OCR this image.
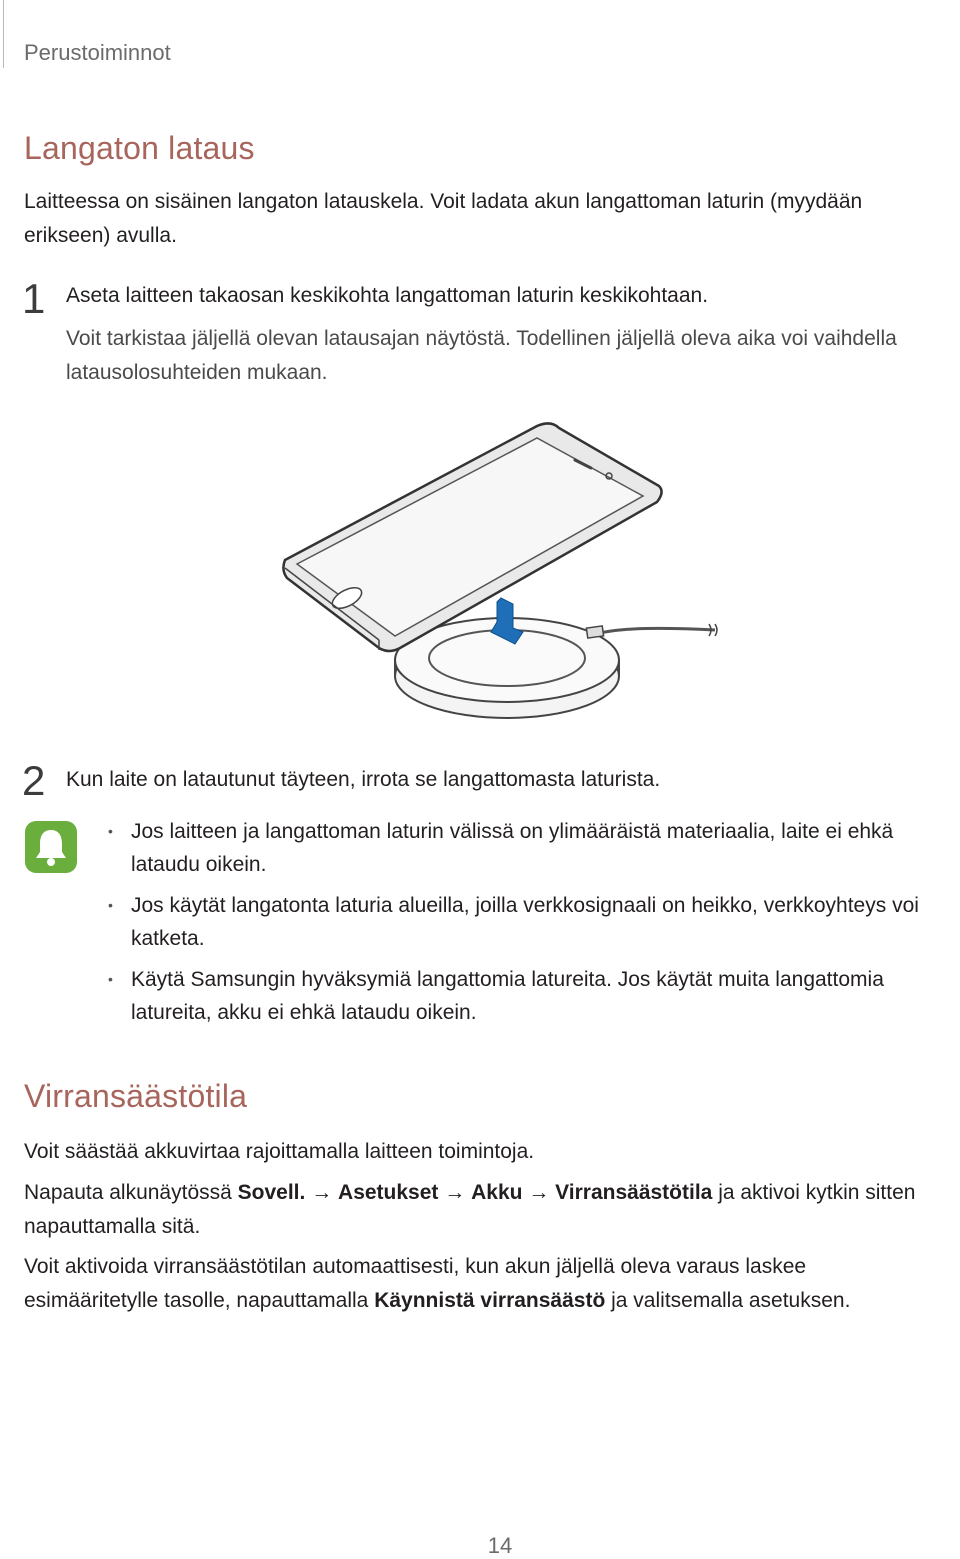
Perustoiminnot
Langaton lataus

Laitteessa on sisäinen langaton latauskela. Voit ladata akun langattoman laturin (myydään erikseen) avulla.

1 Aseta laitteen takaosan keskikohta langattoman laturin keskikohtaan.

Voit tarkistaa jäljellä olevan latausajan näytöstä. Todellinen jäljellä oleva aika voi vaihdella latausolosuhteiden mukaan.

2 Kun laite on latautunut täyteen, irrota se langattomasta laturista.

• Jos laitteen ja langattoman laturin välissä on ylimääräistä materiaalia, laite ei ehkä lataudu oikein.
• Jos käytät langatonta laturia alueilla, joilla verkkosignaali on heikko, verkkoyhteys voi katketa.
• Käytä Samsungin hyväksymiä langattomia latureita. Jos käytät muita langattomia latureita, akku ei ehkä lataudu oikein.
Virransäästötila

Voit säästää akkuvirtaa rajoittamalla laitteen toimintoja.

Napauta alkunäytössä Sovell. → Asetukset → Akku → Virransäästötila ja aktivoi kytkin sitten napauttamalla sitä.

Voit aktivoida virransäästötilan automaattisesti, kun akun jäljellä oleva varaus laskee esimääritetylle tasolle, napauttamalla Käynnistä virransäästö ja valitsemalla asetuksen.

14
